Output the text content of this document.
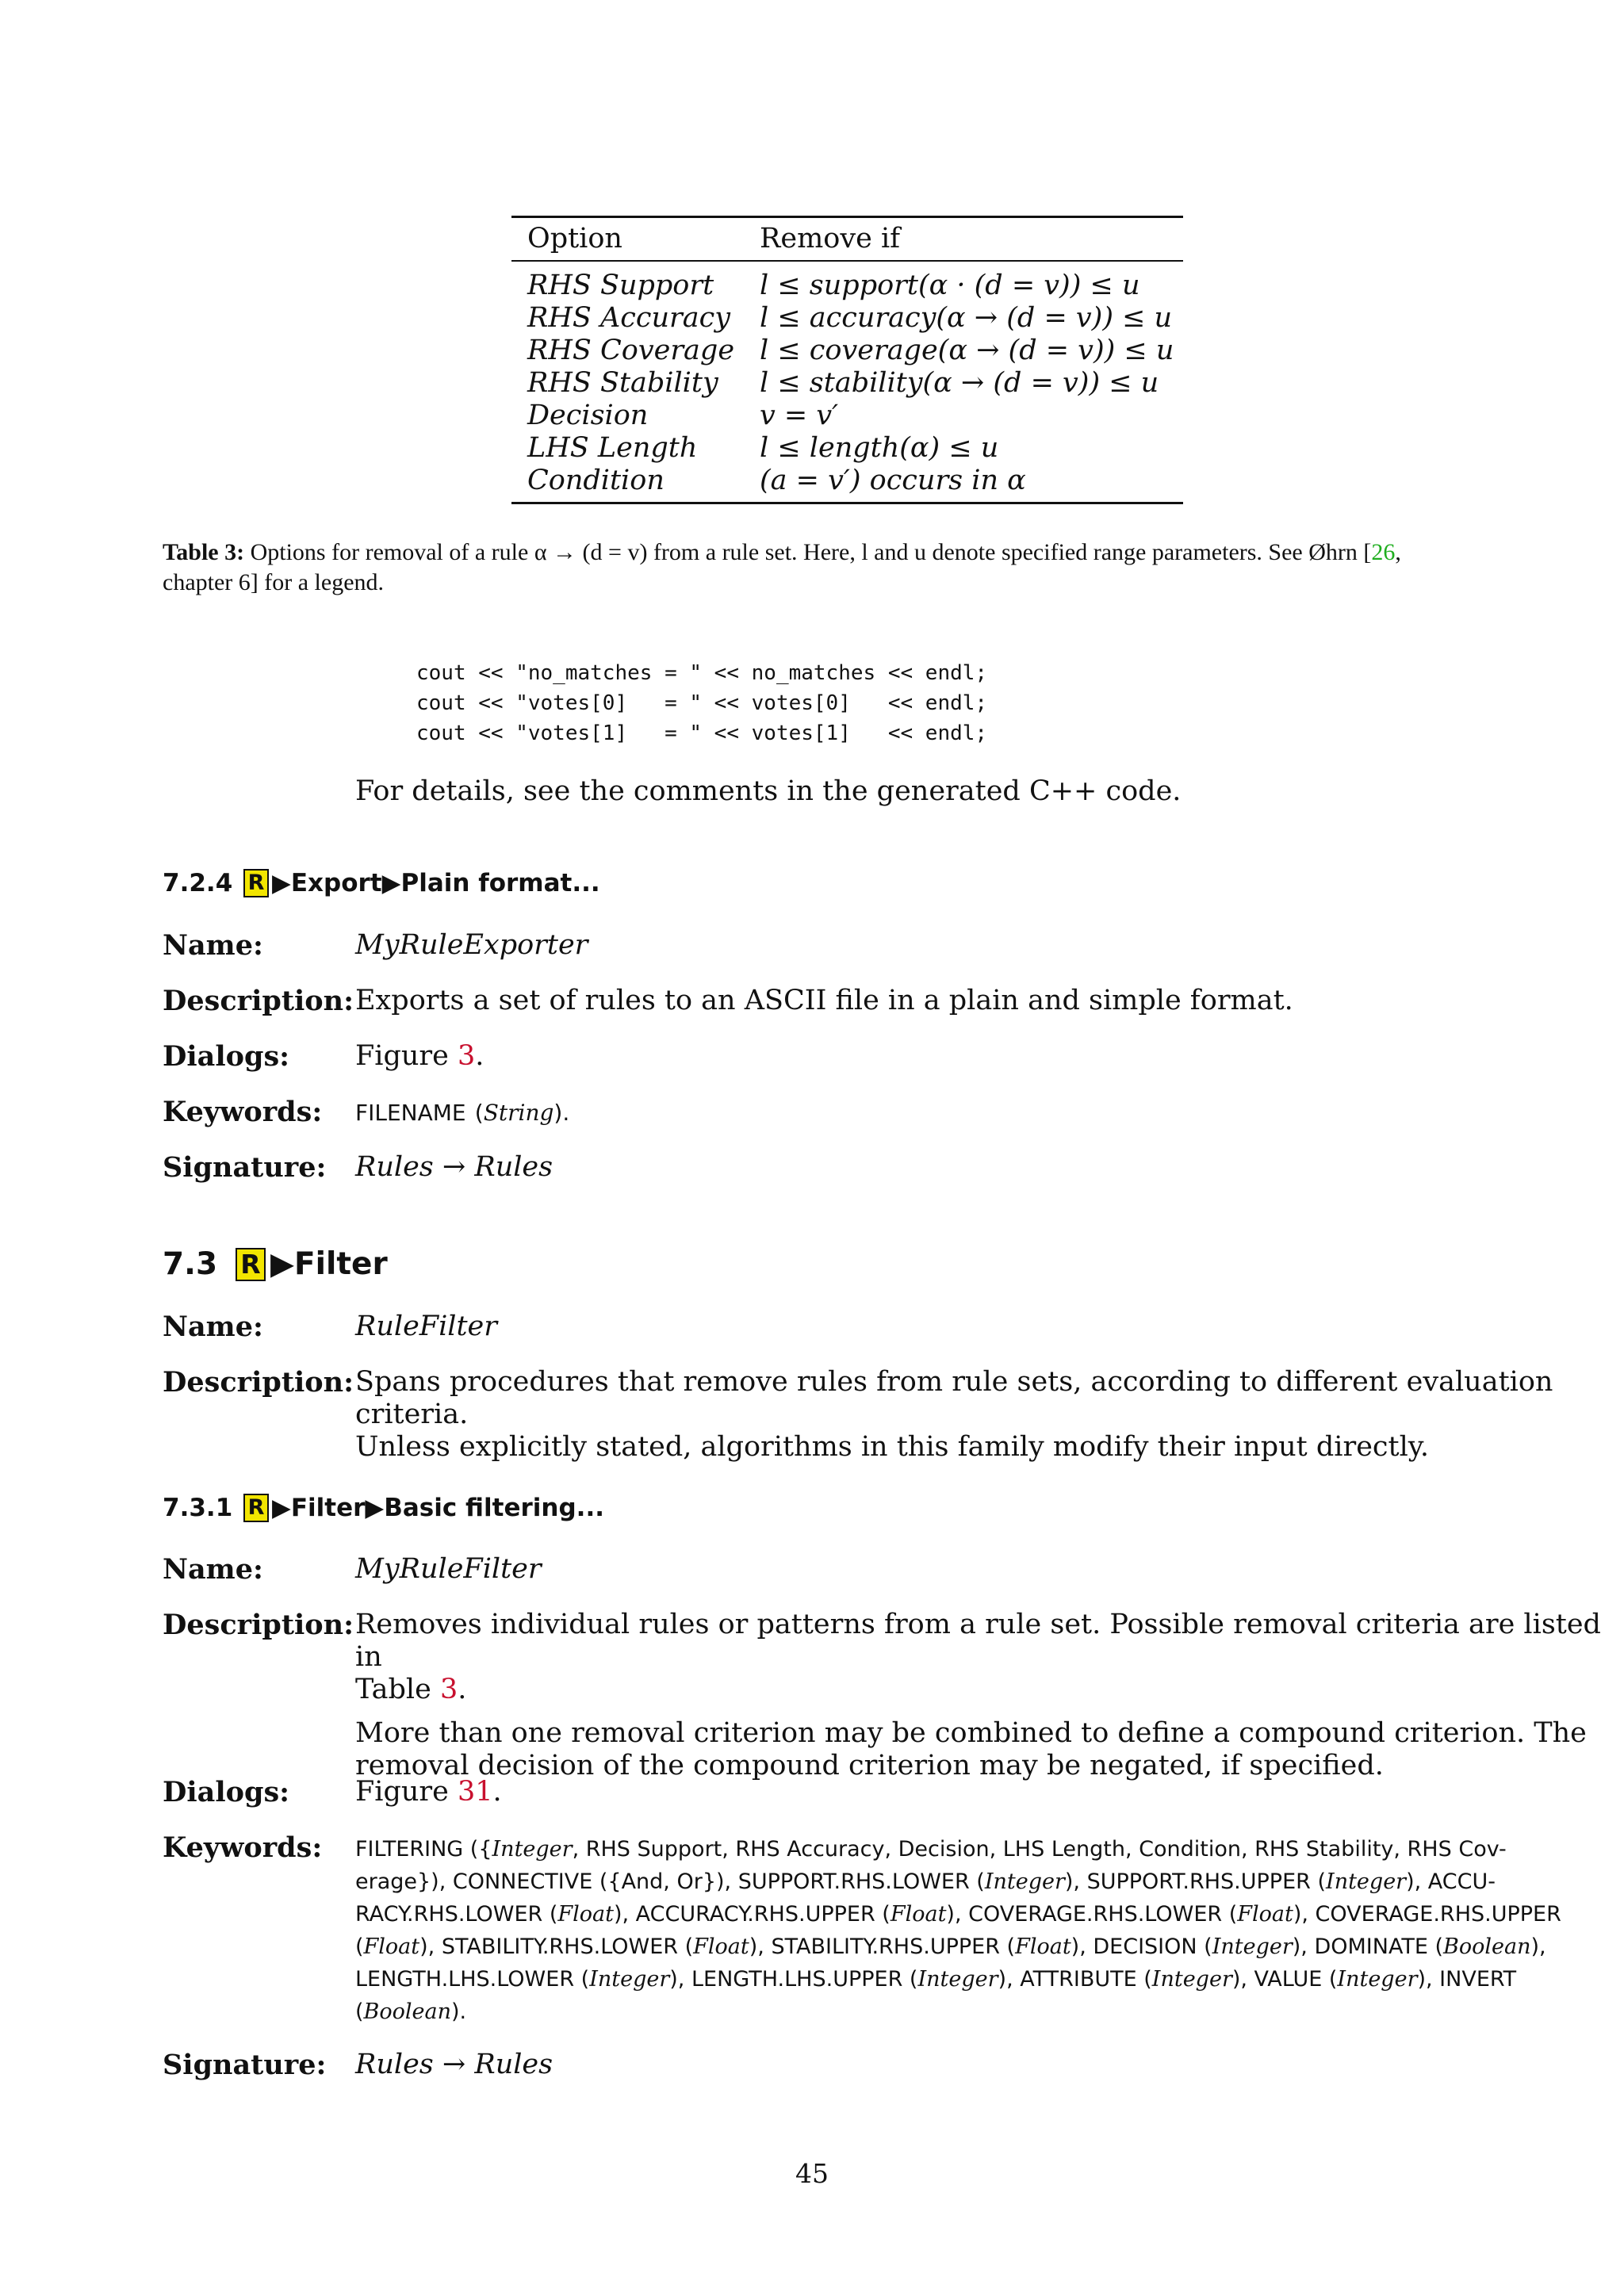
Option	Remove if
RHS Support	l ≤ support(α · (d = v)) ≤ u
RHS Accuracy	l ≤ accuracy(α → (d = v)) ≤ u
RHS Coverage	l ≤ coverage(α → (d = v)) ≤ u
RHS Stability	l ≤ stability(α → (d = v)) ≤ u
Decision	v = v′
LHS Length	l ≤ length(α) ≤ u
Condition	(a = v′) occurs in α
Table 3: Options for removal of a rule α → (d = v) from a rule set. Here, l and u denote specified range parameters. See Øhrn [26, chapter 6] for a legend.
cout << "no_matches = " << no_matches << endl;
cout << "votes[0]   = " << votes[0]   << endl;
cout << "votes[1]   = " << votes[1]   << endl;
For details, see the comments in the generated C++ code.
7.2.4 R ▶ Export ▶ Plain format...
Name:	MyRuleExporter
Description: Exports a set of rules to an ASCII file in a plain and simple format.
Dialogs: Figure 3.
Keywords: FILENAME (String).
Signature: Rules → Rules
7.3 R ▶ Filter
Name:	RuleFilter
Description: Spans procedures that remove rules from rule sets, according to different evaluation criteria.
Unless explicitly stated, algorithms in this family modify their input directly.
7.3.1 R ▶ Filter ▶ Basic filtering...
Name:	MyRuleFilter
Description: Removes individual rules or patterns from a rule set. Possible removal criteria are listed in
Table 3.
More than one removal criterion may be combined to define a compound criterion. The
removal decision of the compound criterion may be negated, if specified.
Dialogs: Figure 31.
Keywords: FILTERING ({Integer, RHS Support, RHS Accuracy, Decision, LHS Length, Condition, RHS Stability, RHS Cov-
erage}), CONNECTIVE ({And, Or}), SUPPORT.RHS.LOWER (Integer), SUPPORT.RHS.UPPER (Integer), ACCU-
RACY.RHS.LOWER (Float), ACCURACY.RHS.UPPER (Float), COVERAGE.RHS.LOWER (Float), COVERAGE.RHS.UPPER
(Float), STABILITY.RHS.LOWER (Float), STABILITY.RHS.UPPER (Float), DECISION (Integer), DOMINATE (Boolean),
LENGTH.LHS.LOWER (Integer), LENGTH.LHS.UPPER (Integer), ATTRIBUTE (Integer), VALUE (Integer), INVERT
(Boolean).
Signature: Rules → Rules
45
